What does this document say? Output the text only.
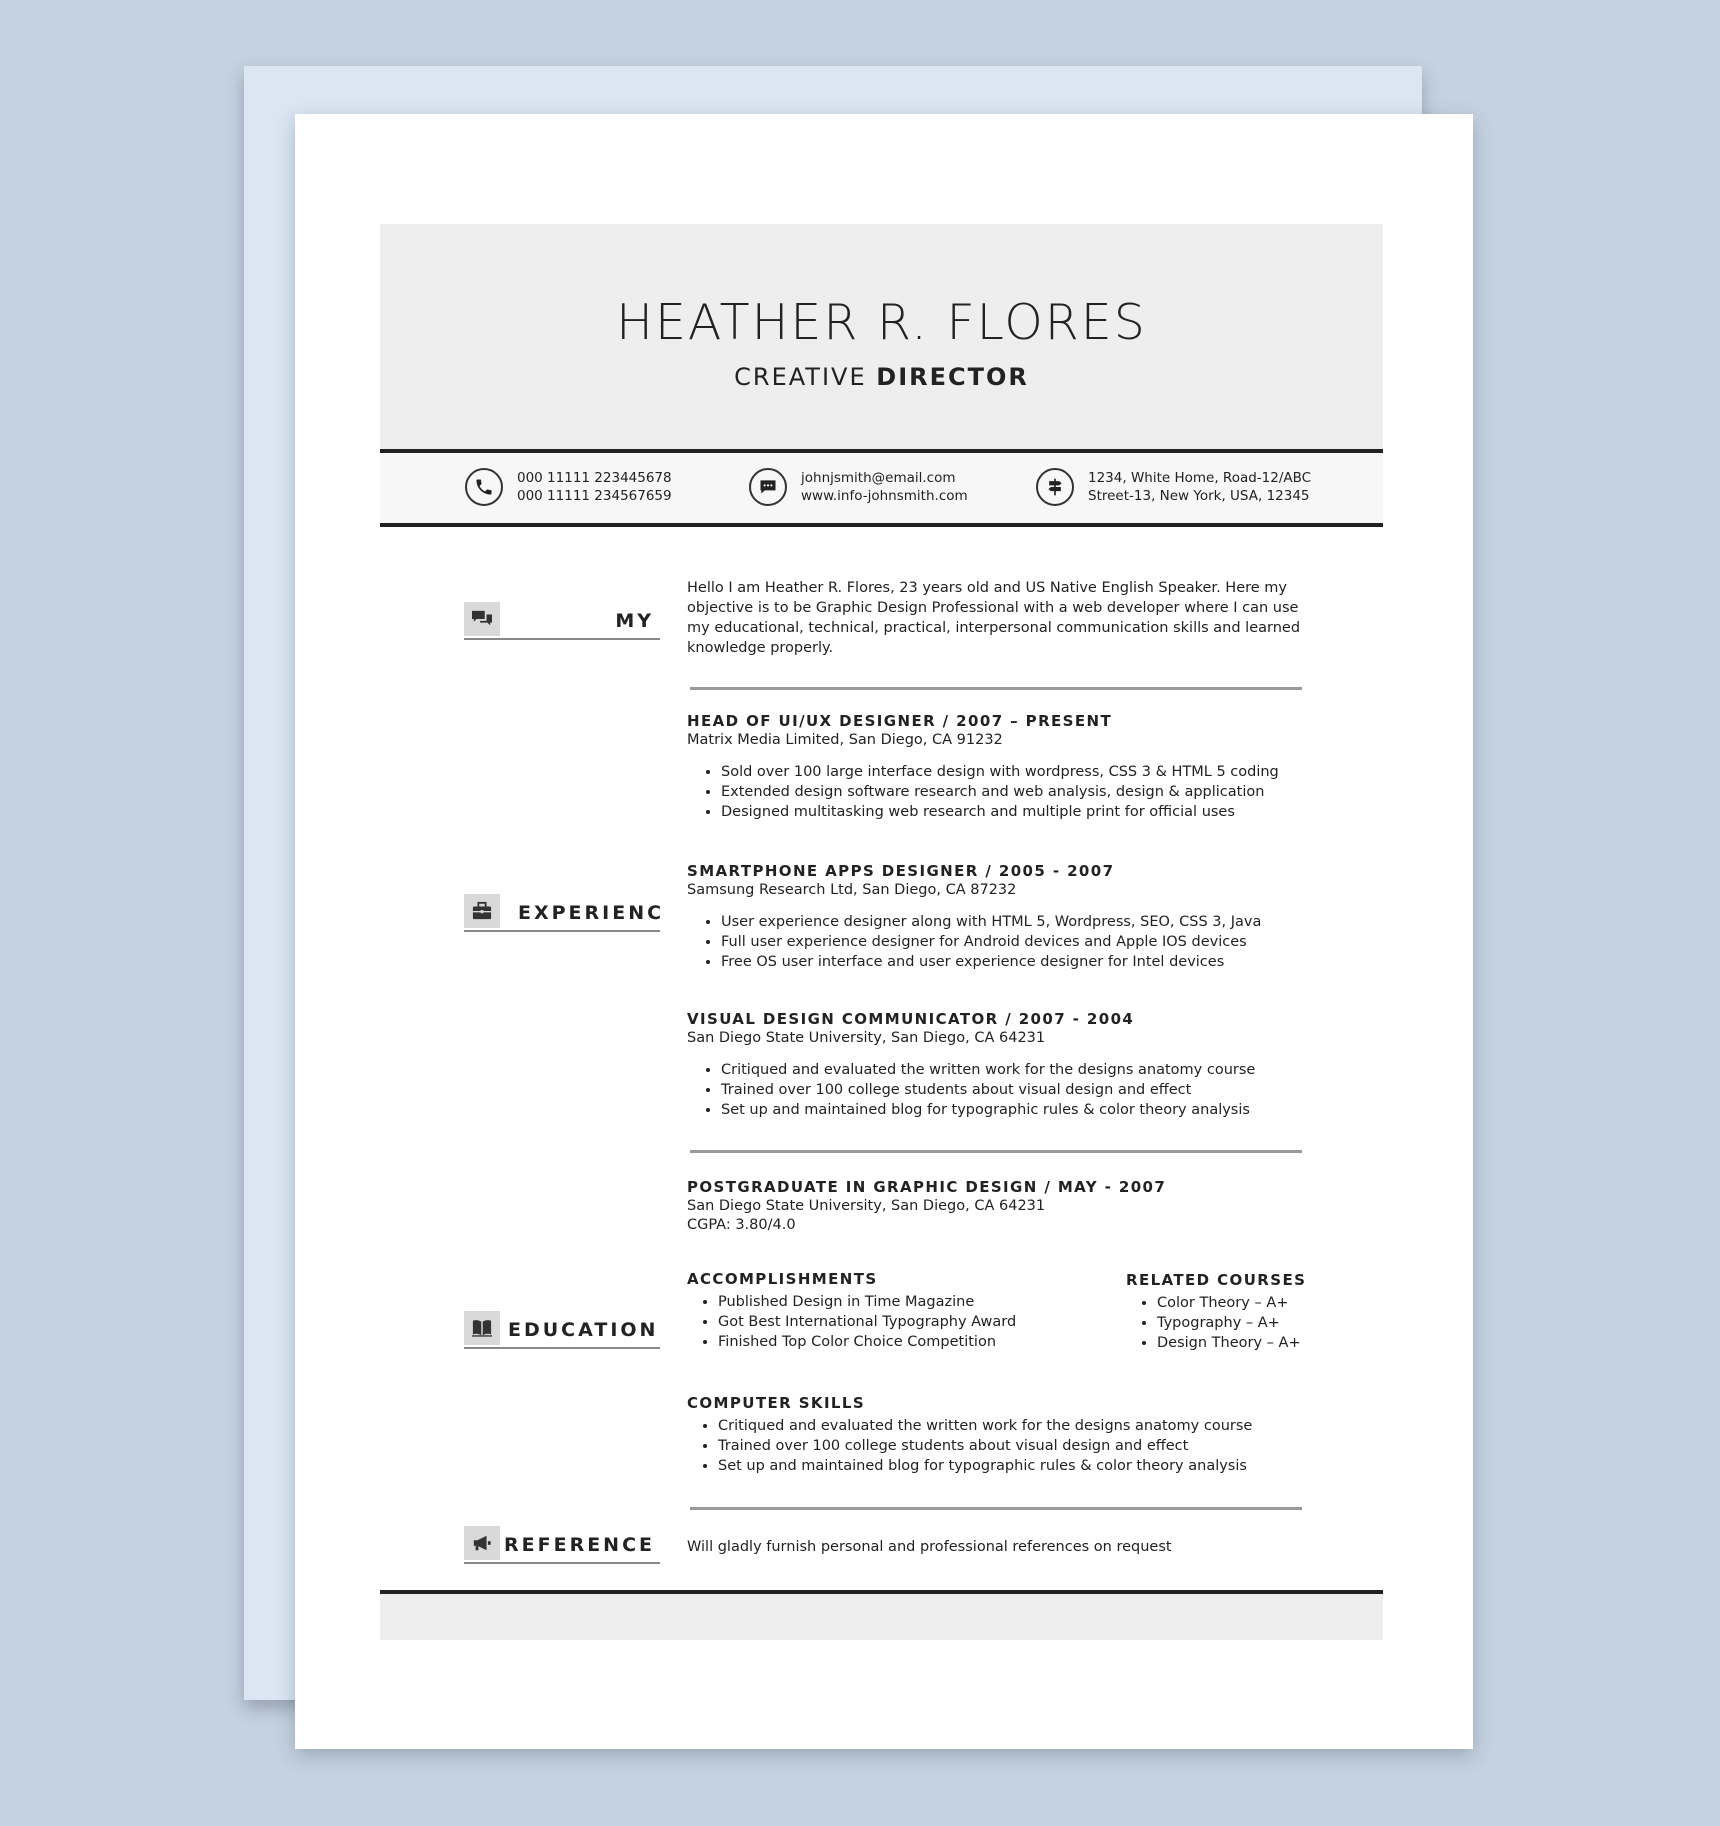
HEATHER R. FLORES
CREATIVE DIRECTOR
000 11111 223445678
000 11111 234567659
johnjsmith@email.com
www.info-johnsmith.com
1234, White Home, Road-12/ABC
Street-13, New York, USA, 12345
MY
Hello I am Heather R. Flores, 23 years old and US Native English Speaker. Here my objective is to be Graphic Design Professional with a web developer where I can use my educational, technical, practical, interpersonal communication skills and learned knowledge properly.
EXPERIENC
HEAD OF UI/UX DESIGNER / 2007 – PRESENT
Matrix Media Limited, San Diego, CA 91232
• Sold over 100 large interface design with wordpress, CSS 3 & HTML 5 coding
• Extended design software research and web analysis, design & application
• Designed multitasking web research and multiple print for official uses
SMARTPHONE APPS DESIGNER / 2005 - 2007
Samsung Research Ltd, San Diego, CA 87232
• User experience designer along with HTML 5, Wordpress, SEO, CSS 3, Java
• Full user experience designer for Android devices and Apple IOS devices
• Free OS user interface and user experience designer for Intel devices
VISUAL DESIGN COMMUNICATOR / 2007 - 2004
San Diego State University, San Diego, CA 64231
• Critiqued and evaluated the written work for the designs anatomy course
• Trained over 100 college students about visual design and effect
• Set up and maintained blog for typographic rules & color theory analysis
EDUCATION
POSTGRADUATE IN GRAPHIC DESIGN / MAY - 2007
San Diego State University, San Diego, CA 64231
CGPA: 3.80/4.0
ACCOMPLISHMENTS
• Published Design in Time Magazine
• Got Best International Typography Award
• Finished Top Color Choice Competition
RELATED COURSES
• Color Theory – A+
• Typography – A+
• Design Theory – A+
COMPUTER SKILLS
• Critiqued and evaluated the written work for the designs anatomy course
• Trained over 100 college students about visual design and effect
• Set up and maintained blog for typographic rules & color theory analysis
REFERENCE Will gladly furnish personal and professional references on request
